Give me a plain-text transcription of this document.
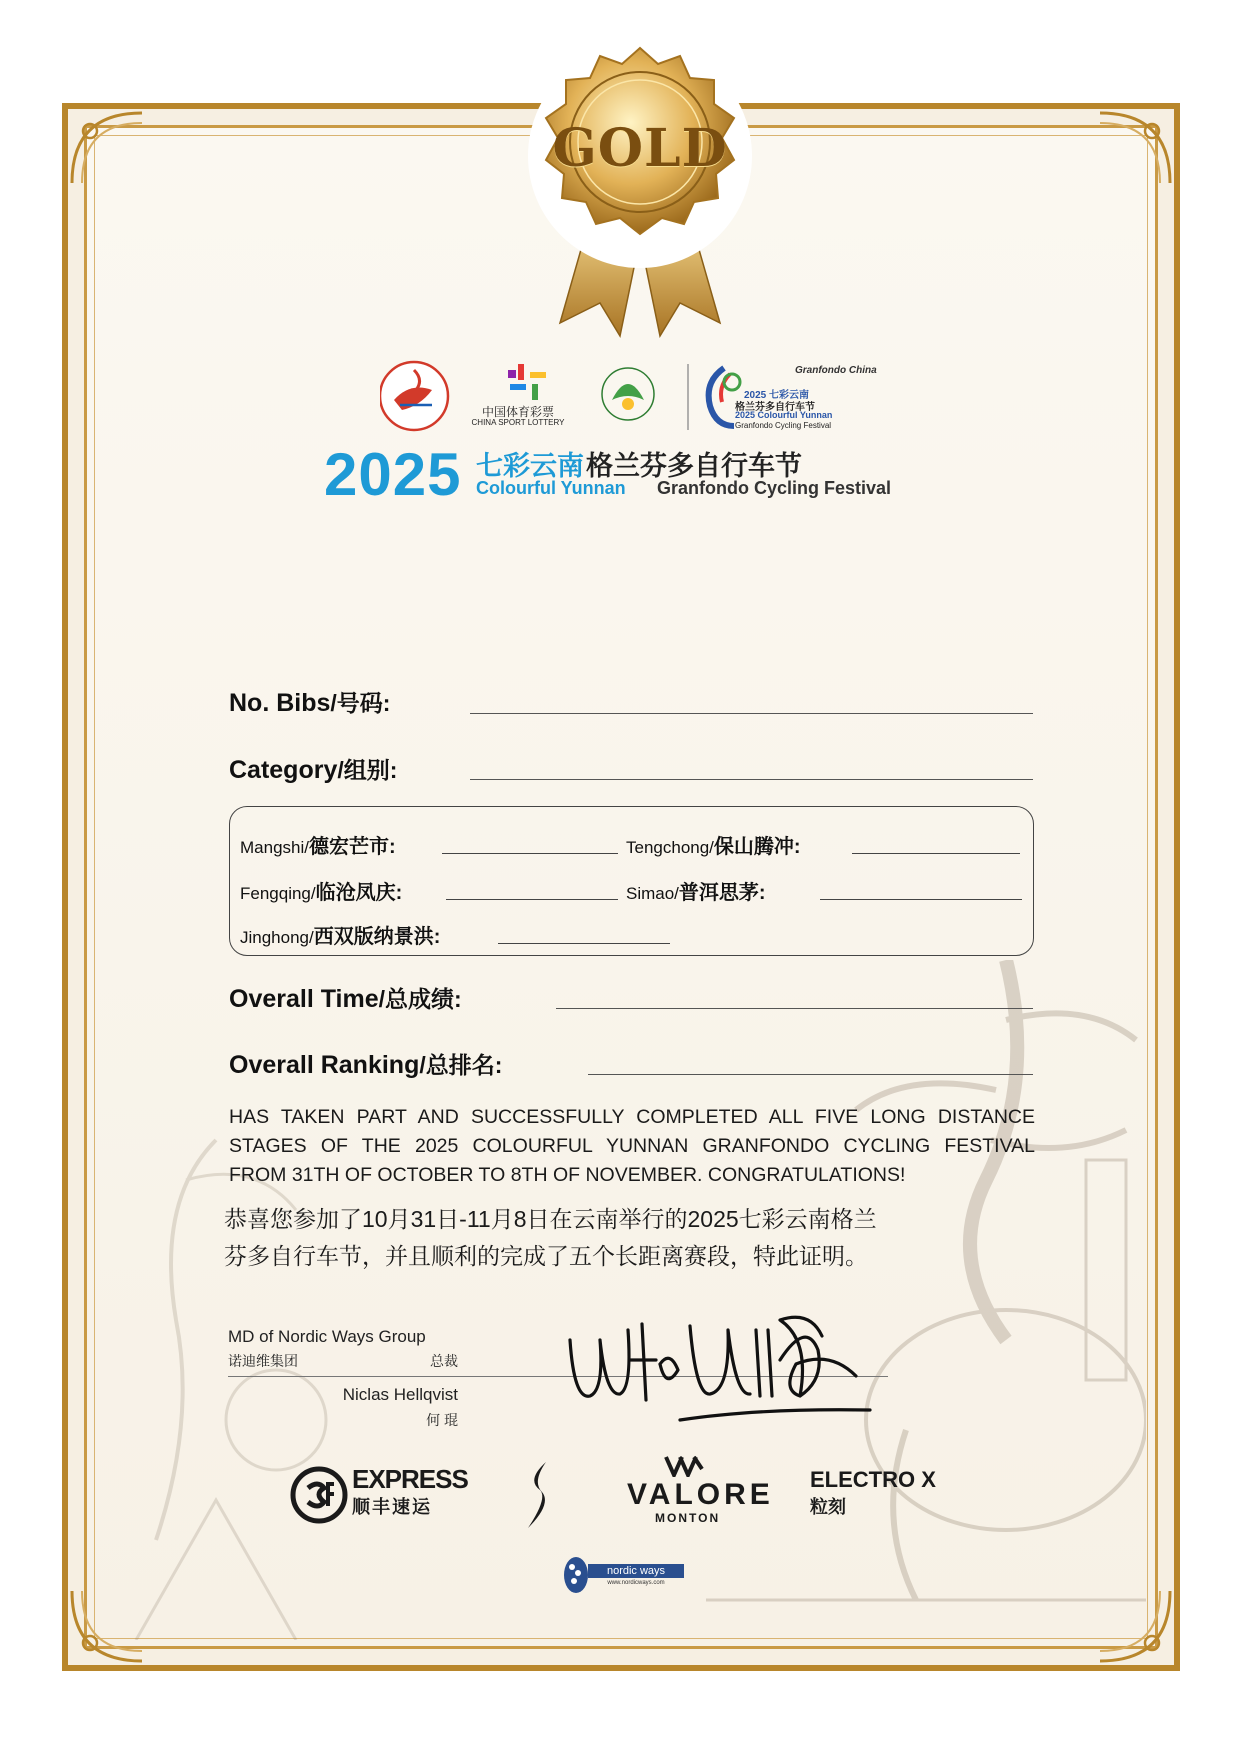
GOLD
中国体育彩票
CHINA SPORT LOTTERY
Granfondo China
2025 七彩云南
格兰芬多自行车节
2025 Colourful Yunnan
Granfondo Cycling Festival
2025 七彩云南 格兰芬多自行车节
Colourful Yunnan Granfondo Cycling Festival
No. Bibs/号码:
Category/组别:
Mangshi/德宏芒市:	Tengchong/保山腾冲:
Fengqing/临沧凤庆:	Simao/普洱思茅:
Jinghong/西双版纳景洪:
Overall Time/总成绩:
Overall Ranking/总排名:
HAS TAKEN PART AND SUCCESSFULLY COMPLETED ALL FIVE LONG DISTANCE
STAGES OF THE 2025 COLOURFUL YUNNAN GRANFONDO CYCLING FESTIVAL
FROM 31TH OF OCTOBER TO 8TH OF NOVEMBER. CONGRATULATIONS!
恭喜您参加了10月31日-11月8日在云南举行的2025七彩云南格兰
芬多自行车节，并且顺利的完成了五个长距离赛段，特此证明。
MD of Nordic Ways Group
诺迪维集团	总裁
Niclas Hellqvist
何 琨
EXPRESS
顺丰速运	VALORE
MONTON
ELECTRO X
粒刻
nordic ways
www.nordicways.com
